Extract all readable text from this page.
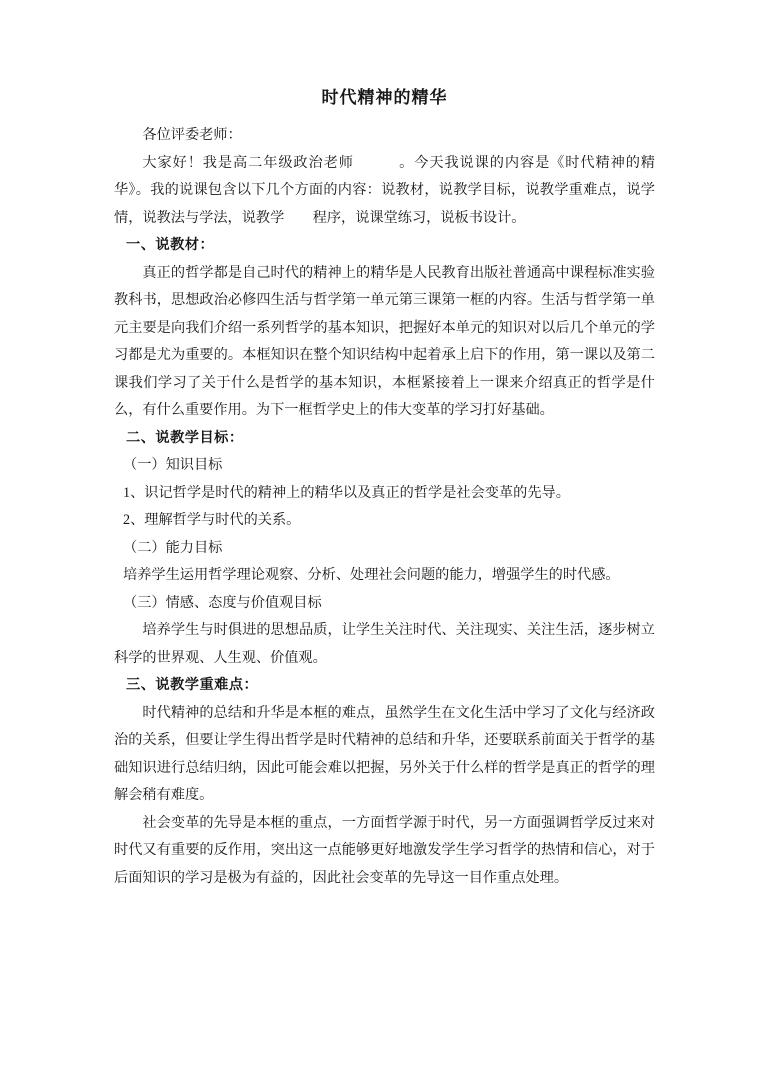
时代精神的精华

各位评委老师：

大家好！我是高二年级政治老师　　　。今天我说课的内容是《时代精神的精华》。我的说课包含以下几个方面的内容：说教材，说教学目标，说教学重难点，说学情，说教法与学法，说教学　　程序，说课堂练习，说板书设计。

一、说教材：

真正的哲学都是自己时代的精神上的精华是人民教育出版社普通高中课程标准实验教科书，思想政治必修四生活与哲学第一单元第三课第一框的内容。生活与哲学第一单元主要是向我们介绍一系列哲学的基本知识，把握好本单元的知识对以后几个单元的学习都是尤为重要的。本框知识在整个知识结构中起着承上启下的作用，第一课以及第二课我们学习了关于什么是哲学的基本知识，本框紧接着上一课来介绍真正的哲学是什么，有什么重要作用。为下一框哲学史上的伟大变革的学习打好基础。

二、说教学目标：

（一）知识目标

1、识记哲学是时代的精神上的精华以及真正的哲学是社会变革的先导。

2、理解哲学与时代的关系。

（二）能力目标

培养学生运用哲学理论观察、分析、处理社会问题的能力，增强学生的时代感。

（三）情感、态度与价值观目标

培养学生与时俱进的思想品质，让学生关注时代、关注现实、关注生活，逐步树立科学的世界观、人生观、价值观。

三、说教学重难点：

时代精神的总结和升华是本框的难点，虽然学生在文化生活中学习了文化与经济政治的关系，但要让学生得出哲学是时代精神的总结和升华，还要联系前面关于哲学的基础知识进行总结归纳，因此可能会难以把握，另外关于什么样的哲学是真正的哲学的理解会稍有难度。

社会变革的先导是本框的重点，一方面哲学源于时代，另一方面强调哲学反过来对时代又有重要的反作用，突出这一点能够更好地激发学生学习哲学的热情和信心，对于后面知识的学习是极为有益的，因此社会变革的先导这一目作重点处理。
